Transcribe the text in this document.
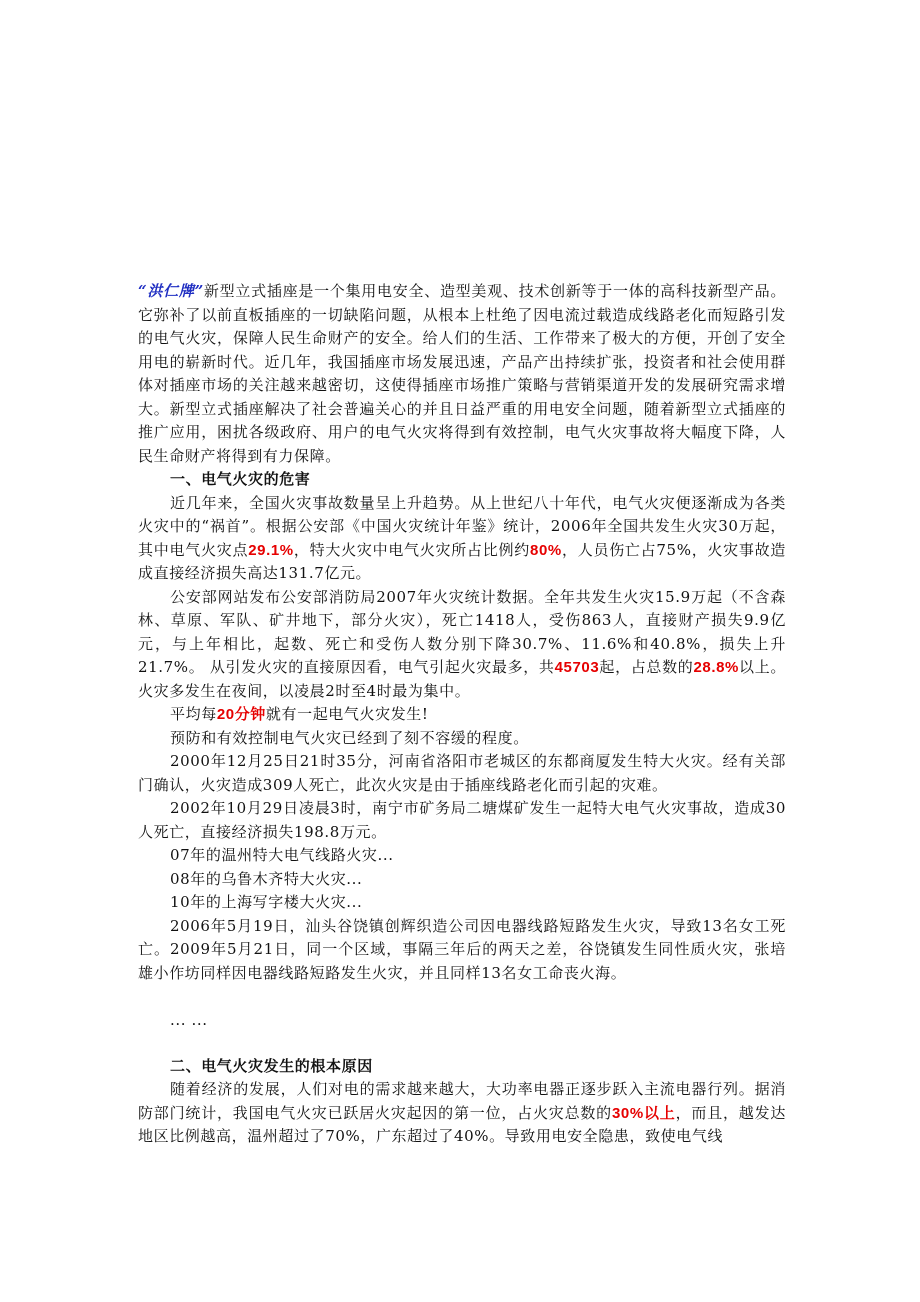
“洪仁牌”新型立式插座是一个集用电安全、造型美观、技术创新等于一体的高科技新型产品。它弥补了以前直板插座的一切缺陷问题，从根本上杜绝了因电流过载造成线路老化而短路引发的电气火灾，保障人民生命财产的安全。给人们的生活、工作带来了极大的方便，开创了安全用电的崭新时代。近几年，我国插座市场发展迅速，产品产出持续扩张，投资者和社会使用群体对插座市场的关注越来越密切，这使得插座市场推广策略与营销渠道开发的发展研究需求增大。新型立式插座解决了社会普遍关心的并且日益严重的用电安全问题，随着新型立式插座的推广应用，困扰各级政府、用户的电气火灾将得到有效控制，电气火灾事故将大幅度下降，人民生命财产将得到有力保障。

一、电气火灾的危害

近几年来，全国火灾事故数量呈上升趋势。从上世纪八十年代，电气火灾便逐渐成为各类火灾中的“祸首”。根据公安部《中国火灾统计年鉴》统计，2006年全国共发生火灾30万起，其中电气火灾点29.1%，特大火灾中电气火灾所占比例约80%，人员伤亡占75%，火灾事故造成直接经济损失高达131.7亿元。

公安部网站发布公安部消防局2007年火灾统计数据。全年共发生火灾15.9万起（不含森林、草原、军队、矿井地下，部分火灾），死亡1418人，受伤863人，直接财产损失9.9亿元，与上年相比，起数、死亡和受伤人数分别下降30.7%、11.6%和40.8%，损失上升21.7%。 从引发火灾的直接原因看，电气引起火灾最多，共45703起，占总数的28.8%以上。火灾多发生在夜间，以凌晨2时至4时最为集中。

平均每20分钟就有一起电气火灾发生!

预防和有效控制电气火灾已经到了刻不容缓的程度。

2000年12月25日21时35分，河南省洛阳市老城区的东都商厦发生特大火灾。经有关部门确认，火灾造成309人死亡，此次火灾是由于插座线路老化而引起的灾难。

2002年10月29日凌晨3时，南宁市矿务局二塘煤矿发生一起特大电气火灾事故，造成30人死亡，直接经济损失198.8万元。

07年的温州特大电气线路火灾...

08年的乌鲁木齐特大火灾...

10年的上海写字楼大火灾...

2006年5月19日，汕头谷饶镇创辉织造公司因电器线路短路发生火灾，导致13名女工死亡。2009年5月21日，同一个区域，事隔三年后的两天之差，谷饶镇发生同性质火灾，张培雄小作坊同样因电器线路短路发生火灾，并且同样13名女工命丧火海。

... ...

二、电气火灾发生的根本原因

随着经济的发展，人们对电的需求越来越大，大功率电器正逐步跃入主流电器行列。据消防部门统计，我国电气火灾已跃居火灾起因的第一位，占火灾总数的30%以上，而且，越发达地区比例越高，温州超过了70%，广东超过了40%。导致用电安全隐患，致使电气线
